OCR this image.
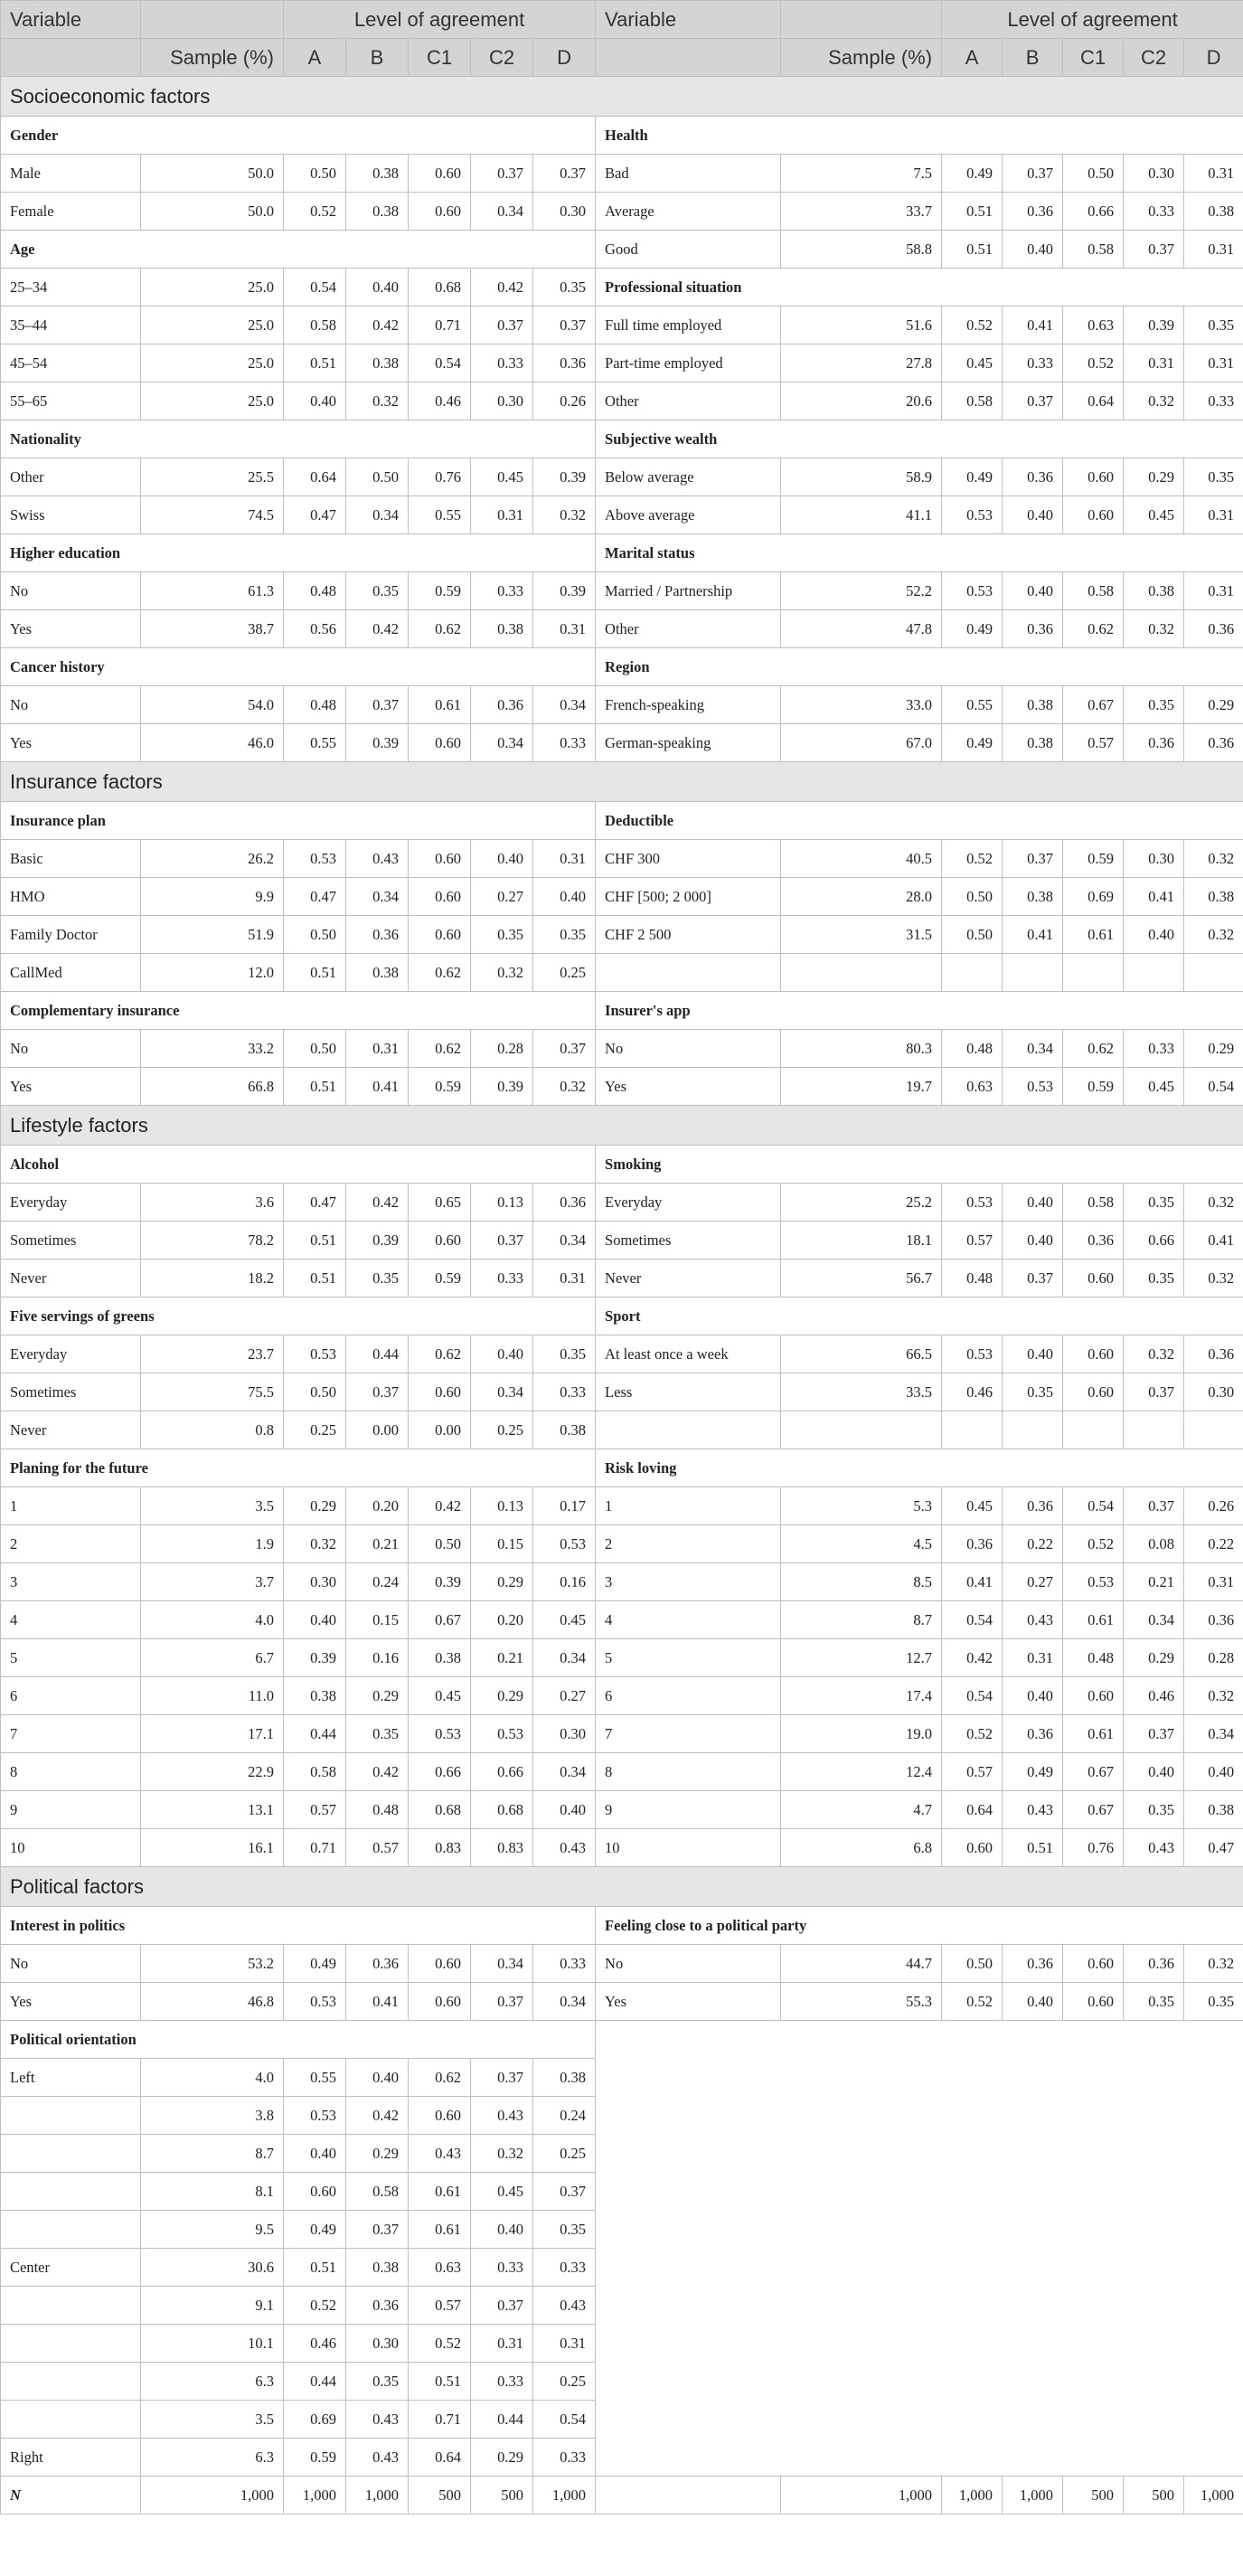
Variable		Level of agreement					Variable		Level of agreement				
	Sample (%)	A	B	C1	C2	D		Sample (%)	A	B	C1	C2	D
Socioeconomic factors													
Gender							Health						
Male	50.0	0.50	0.38	0.60	0.37	0.37	Bad	7.5	0.49	0.37	0.50	0.30	0.31
Female	50.0	0.52	0.38	0.60	0.34	0.30	Average	33.7	0.51	0.36	0.66	0.33	0.38
Age							Good	58.8	0.51	0.40	0.58	0.37	0.31
25–34	25.0	0.54	0.40	0.68	0.42	0.35	Professional situation						
35–44	25.0	0.58	0.42	0.71	0.37	0.37	Full time employed	51.6	0.52	0.41	0.63	0.39	0.35
45–54	25.0	0.51	0.38	0.54	0.33	0.36	Part-time employed	27.8	0.45	0.33	0.52	0.31	0.31
55–65	25.0	0.40	0.32	0.46	0.30	0.26	Other	20.6	0.58	0.37	0.64	0.32	0.33
Nationality							Subjective wealth						
Other	25.5	0.64	0.50	0.76	0.45	0.39	Below average	58.9	0.49	0.36	0.60	0.29	0.35
Swiss	74.5	0.47	0.34	0.55	0.31	0.32	Above average	41.1	0.53	0.40	0.60	0.45	0.31
Higher education							Marital status						
No	61.3	0.48	0.35	0.59	0.33	0.39	Married / Partnership	52.2	0.53	0.40	0.58	0.38	0.31
Yes	38.7	0.56	0.42	0.62	0.38	0.31	Other	47.8	0.49	0.36	0.62	0.32	0.36
Cancer history							Region						
No	54.0	0.48	0.37	0.61	0.36	0.34	French-speaking	33.0	0.55	0.38	0.67	0.35	0.29
Yes	46.0	0.55	0.39	0.60	0.34	0.33	German-speaking	67.0	0.49	0.38	0.57	0.36	0.36
Insurance factors													
Insurance plan							Deductible						
Basic	26.2	0.53	0.43	0.60	0.40	0.31	CHF 300	40.5	0.52	0.37	0.59	0.30	0.32
HMO	9.9	0.47	0.34	0.60	0.27	0.40	CHF [500; 2 000]	28.0	0.50	0.38	0.69	0.41	0.38
Family Doctor	51.9	0.50	0.36	0.60	0.35	0.35	CHF 2 500	31.5	0.50	0.41	0.61	0.40	0.32
CallMed	12.0	0.51	0.38	0.62	0.32	0.25							
Complementary insurance							Insurer's app						
No	33.2	0.50	0.31	0.62	0.28	0.37	No	80.3	0.48	0.34	0.62	0.33	0.29
Yes	66.8	0.51	0.41	0.59	0.39	0.32	Yes	19.7	0.63	0.53	0.59	0.45	0.54
Lifestyle factors													
Alcohol							Smoking						
Everyday	3.6	0.47	0.42	0.65	0.13	0.36	Everyday	25.2	0.53	0.40	0.58	0.35	0.32
Sometimes	78.2	0.51	0.39	0.60	0.37	0.34	Sometimes	18.1	0.57	0.40	0.36	0.66	0.41
Never	18.2	0.51	0.35	0.59	0.33	0.31	Never	56.7	0.48	0.37	0.60	0.35	0.32
Five servings of greens							Sport						
Everyday	23.7	0.53	0.44	0.62	0.40	0.35	At least once a week	66.5	0.53	0.40	0.60	0.32	0.36
Sometimes	75.5	0.50	0.37	0.60	0.34	0.33	Less	33.5	0.46	0.35	0.60	0.37	0.30
Never	0.8	0.25	0.00	0.00	0.25	0.38							
Planing for the future							Risk loving						
1	3.5	0.29	0.20	0.42	0.13	0.17	1	5.3	0.45	0.36	0.54	0.37	0.26
2	1.9	0.32	0.21	0.50	0.15	0.53	2	4.5	0.36	0.22	0.52	0.08	0.22
3	3.7	0.30	0.24	0.39	0.29	0.16	3	8.5	0.41	0.27	0.53	0.21	0.31
4	4.0	0.40	0.15	0.67	0.20	0.45	4	8.7	0.54	0.43	0.61	0.34	0.36
5	6.7	0.39	0.16	0.38	0.21	0.34	5	12.7	0.42	0.31	0.48	0.29	0.28
6	11.0	0.38	0.29	0.45	0.29	0.27	6	17.4	0.54	0.40	0.60	0.46	0.32
7	17.1	0.44	0.35	0.53	0.53	0.30	7	19.0	0.52	0.36	0.61	0.37	0.34
8	22.9	0.58	0.42	0.66	0.66	0.34	8	12.4	0.57	0.49	0.67	0.40	0.40
9	13.1	0.57	0.48	0.68	0.68	0.40	9	4.7	0.64	0.43	0.67	0.35	0.38
10	16.1	0.71	0.57	0.83	0.83	0.43	10	6.8	0.60	0.51	0.76	0.43	0.47
Political factors													
Interest in politics							Feeling close to a political party						
No	53.2	0.49	0.36	0.60	0.34	0.33	No	44.7	0.50	0.36	0.60	0.36	0.32
Yes	46.8	0.53	0.41	0.60	0.37	0.34	Yes	55.3	0.52	0.40	0.60	0.35	0.35
Political orientation													
Left	4.0	0.55	0.40	0.62	0.37	0.38							
	3.8	0.53	0.42	0.60	0.43	0.24							
	8.7	0.40	0.29	0.43	0.32	0.25							
	8.1	0.60	0.58	0.61	0.45	0.37							
	9.5	0.49	0.37	0.61	0.40	0.35							
Center	30.6	0.51	0.38	0.63	0.33	0.33							
	9.1	0.52	0.36	0.57	0.37	0.43							
	10.1	0.46	0.30	0.52	0.31	0.31							
	6.3	0.44	0.35	0.51	0.33	0.25							
	3.5	0.69	0.43	0.71	0.44	0.54							
Right	6.3	0.59	0.43	0.64	0.29	0.33							
N	1,000	1,000	1,000	500	500	1,000		1,000	1,000	1,000	500	500	1,000
